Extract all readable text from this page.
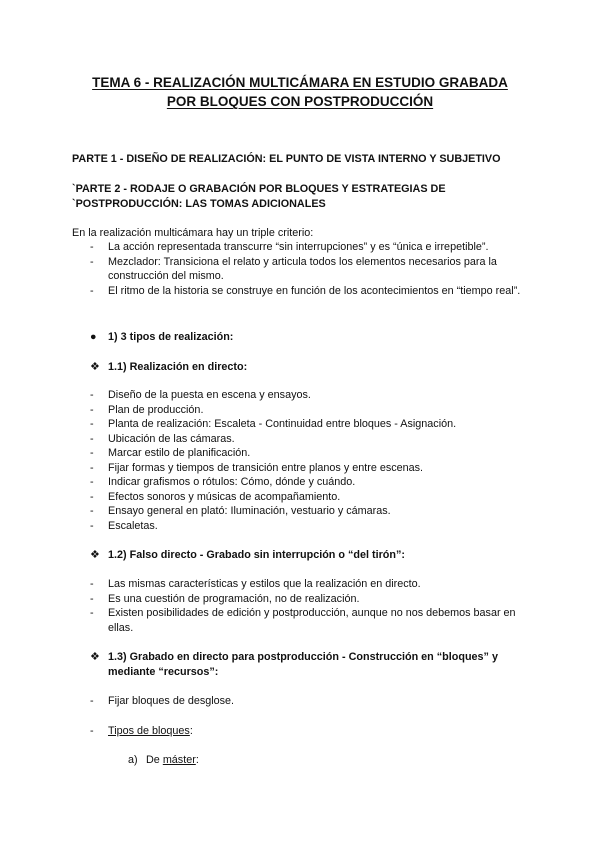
TEMA 6 - REALIZACIÓN MULTICÁMARA EN ESTUDIO GRABADA
POR BLOQUES CON POSTPRODUCCIÓN
PARTE 1 - DISEÑO DE REALIZACIÓN: EL PUNTO DE VISTA INTERNO Y SUBJETIVO
`PARTE 2 - RODAJE O GRABACIÓN POR BLOQUES Y ESTRATEGIAS DE
`POSTPRODUCCIÓN: LAS TOMAS ADICIONALES
En la realización multicámara hay un triple criterio:
- La acción representada transcurre “sin interrupciones” y es “única e irrepetible”.
- Mezclador: Transiciona el relato y articula todos los elementos necesarios para la construcción del mismo.
- El ritmo de la historia se construye en función de los acontecimientos en “tiempo real”.
● 1) 3 tipos de realización:
❖ 1.1) Realización en directo:
- Diseño de la puesta en escena y ensayos.
- Plan de producción.
- Planta de realización: Escaleta - Continuidad entre bloques - Asignación.
- Ubicación de las cámaras.
- Marcar estilo de planificación.
- Fijar formas y tiempos de transición entre planos y entre escenas.
- Indicar grafismos o rótulos: Cómo, dónde y cuándo.
- Efectos sonoros y músicas de acompañamiento.
- Ensayo general en plató: Iluminación, vestuario y cámaras.
- Escaletas.
❖ 1.2) Falso directo - Grabado sin interrupción o “del tirón”:
- Las mismas características y estilos que la realización en directo.
- Es una cuestión de programación, no de realización.
- Existen posibilidades de edición y postproducción, aunque no nos debemos basar en ellas.
❖ 1.3) Grabado en directo para postproducción - Construcción en “bloques” y mediante “recursos”:
- Fijar bloques de desglose.
- Tipos de bloques:
a) De máster:
